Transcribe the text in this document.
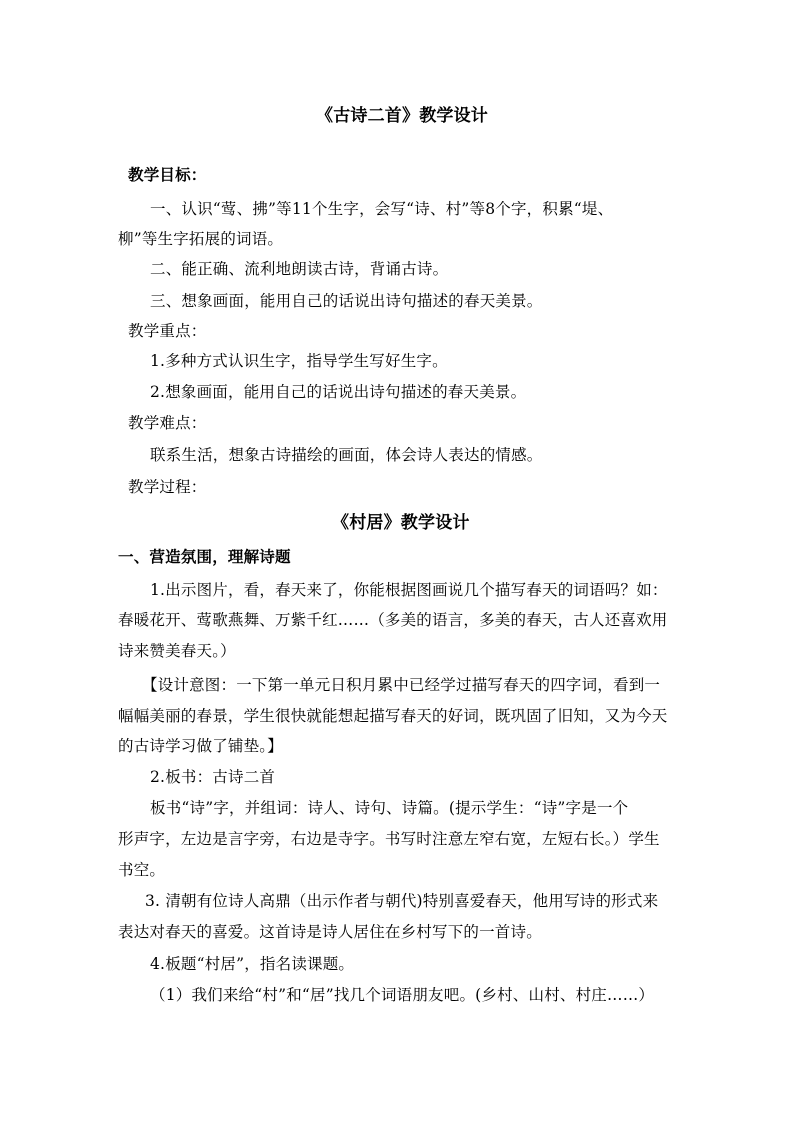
《古诗二首》教学设计
教学目标：
一、认识“莺、拂”等11个生字，会写“诗、村”等8个字，积累“堤、
柳”等生字拓展的词语。
二、能正确、流利地朗读古诗，背诵古诗。
三、想象画面，能用自己的话说出诗句描述的春天美景。
教学重点：
1.多种方式认识生字，指导学生写好生字。
2.想象画面，能用自己的话说出诗句描述的春天美景。
教学难点：
联系生活，想象古诗描绘的画面，体会诗人表达的情感。
教学过程：
《村居》教学设计
一、营造氛围，理解诗题
1.出示图片，看，春天来了，你能根据图画说几个描写春天的词语吗？如：
春暖花开、莺歌燕舞、万紫千红……（多美的语言，多美的春天，古人还喜欢用
诗来赞美春天。）
【设计意图：一下第一单元日积月累中已经学过描写春天的四字词，看到一
幅幅美丽的春景，学生很快就能想起描写春天的好词，既巩固了旧知，又为今天
的古诗学习做了铺垫。】
2.板书：古诗二首
板书“诗”字，并组词：诗人、诗句、诗篇。(提示学生：“诗”字是一个
形声字，左边是言字旁，右边是寺字。书写时注意左窄右宽，左短右长。）学生
书空。
3. 清朝有位诗人高鼎（出示作者与朝代)特别喜爱春天，他用写诗的形式来
表达对春天的喜爱。这首诗是诗人居住在乡村写下的一首诗。
4.板题“村居”，指名读课题。
（1）我们来给“村”和“居”找几个词语朋友吧。(乡村、山村、村庄……）
